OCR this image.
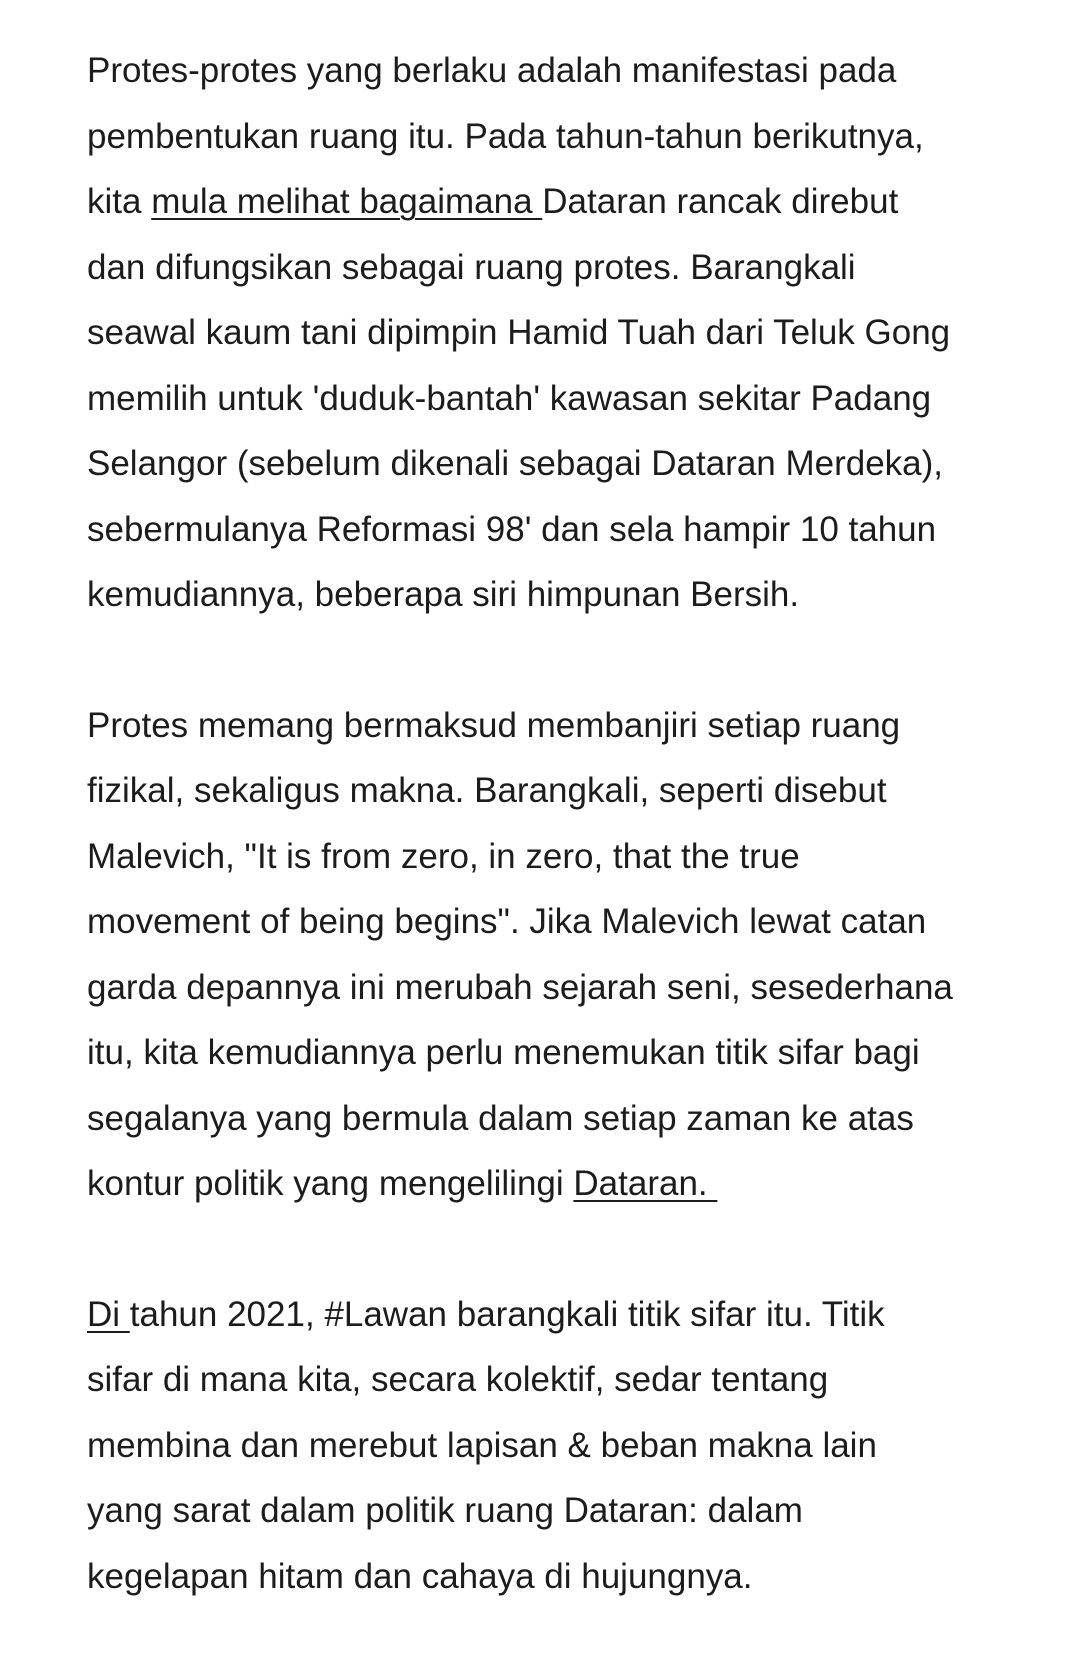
Protes-protes yang berlaku adalah manifestasi pada
pembentukan ruang itu. Pada tahun-tahun berikutnya,
kita mula melihat bagaimana Dataran rancak direbut
dan difungsikan sebagai ruang protes. Barangkali
seawal kaum tani dipimpin Hamid Tuah dari Teluk Gong
memilih untuk 'duduk-bantah' kawasan sekitar Padang
Selangor (sebelum dikenali sebagai Dataran Merdeka),
sebermulanya Reformasi 98' dan sela hampir 10 tahun
kemudiannya, beberapa siri himpunan Bersih.

Protes memang bermaksud membanjiri setiap ruang
fizikal, sekaligus makna. Barangkali, seperti disebut
Malevich, "It is from zero, in zero, that the true
movement of being begins". Jika Malevich lewat catan
garda depannya ini merubah sejarah seni, sesederhana
itu, kita kemudiannya perlu menemukan titik sifar bagi
segalanya yang bermula dalam setiap zaman ke atas
kontur politik yang mengelilingi Dataran.

Di tahun 2021, #Lawan barangkali titik sifar itu. Titik
sifar di mana kita, secara kolektif, sedar tentang
membina dan merebut lapisan & beban makna lain
yang sarat dalam politik ruang Dataran: dalam
kegelapan hitam dan cahaya di hujungnya.
